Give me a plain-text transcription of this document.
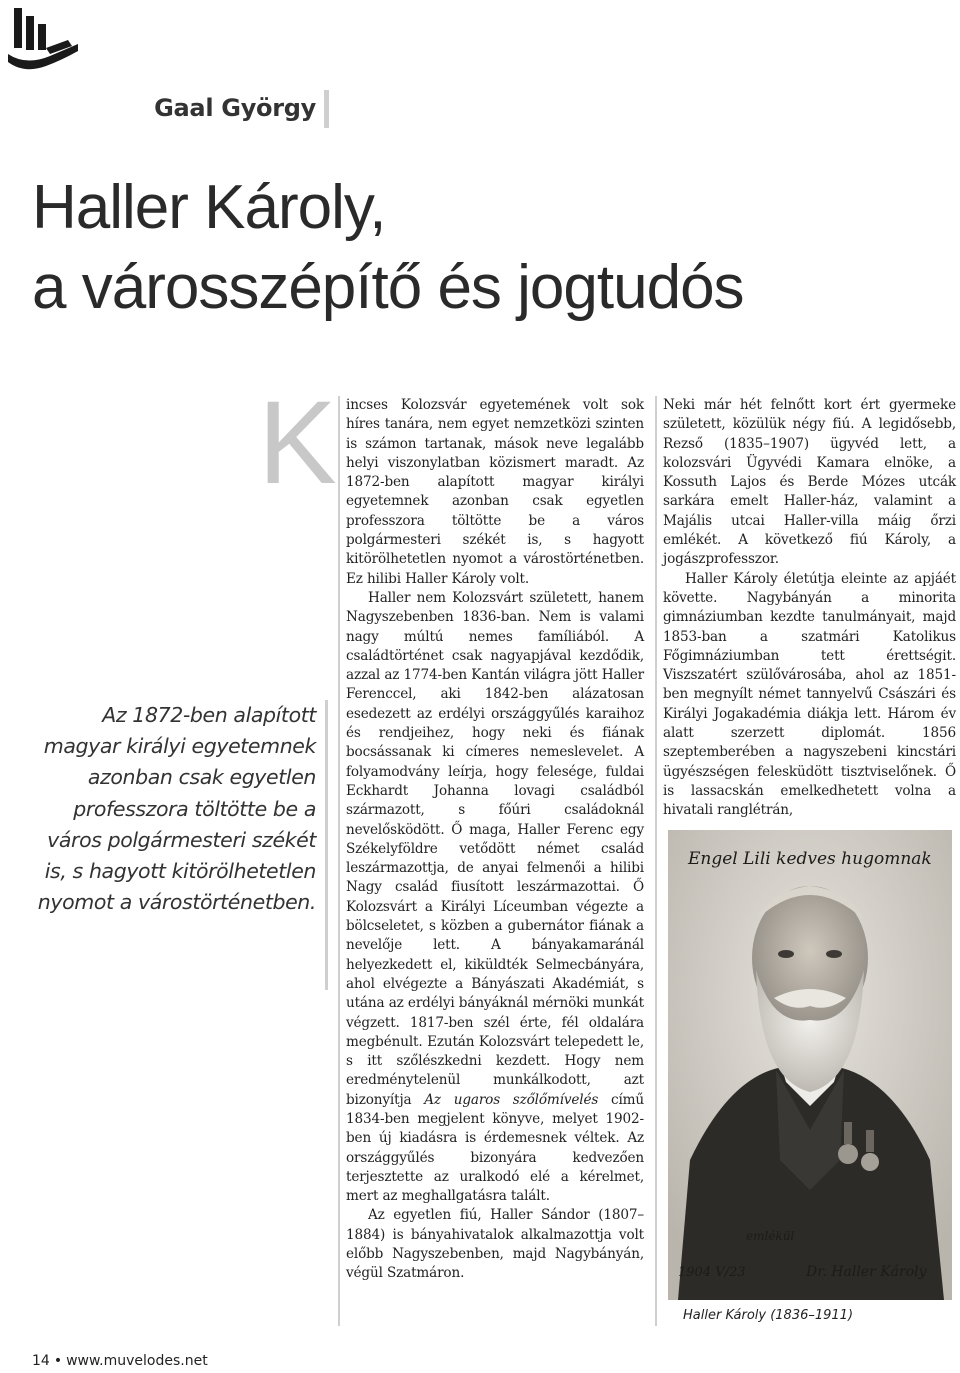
Gaal György
Haller Károly,
a városszépítő és jogtudós
K
Az 1872-ben alapított magyar királyi egyetemnek azonban csak egyetlen professzora töltötte be a város polgármesteri székét is, s hagyott kitörölhetetlen nyomot a várostörténetben.

incses Kolozsvár egyetemének volt sok híres tanára, nem egyet nemzetközi szinten is számon tartanak, mások neve legalább helyi viszonylatban közismert maradt. Az 1872-ben alapított magyar királyi egyetemnek azonban csak egyetlen professzora töltötte be a város polgármesteri székét is, s hagyott kitörölhetetlen nyomot a várostörténetben. Ez hilibi Haller Károly volt.

Haller nem Kolozsvárt született, hanem Nagyszebenben 1836-ban. Nem is valami nagy múltú nemes famíliából. A családtörténet csak nagyapjával kezdődik, azzal az 1774-ben Kantán világra jött Haller Ferenccel, aki 1842-ben alázatosan esedezett az erdélyi országgyűlés karaihoz és rendjeihez, hogy neki és fiának bocsássanak ki címeres nemeslevelet. A folyamodvány leírja, hogy felesége, fuldai Eckhardt Johanna lovagi családból származott, s főúri családoknál nevelősködött. Ő maga, Haller Ferenc egy Székelyföldre vetődött német család leszármazottja, de anyai felmenői a hilibi Nagy család fiusított leszármazottai. Ő Kolozsvárt a Királyi Líceumban végezte a bölcseletet, s közben a gubernátor fiának a nevelője lett. A bányakamaránál helyezkedett el, kiküldték Selmecbányára, ahol elvégezte a Bányászati Akadémiát, s utána az erdélyi bányáknál mérnöki munkát végzett. 1817-ben szél érte, fél oldalára megbénult. Ezután Kolozsvárt telepedett le, s itt szőlészkedni kezdett. Hogy nem eredménytelenül munkálkodott, azt bizonyítja Az ugaros szőlőmívelés című 1834-ben megjelent könyve, melyet 1902-ben új kiadásra is érdemesnek véltek. Az országgyűlés bizonyára kedvezően terjesztette az uralkodó elé a kérelmet, mert az meghallgatásra talált.

Az egyetlen fiú, Haller Sándor (1807–1884) is bányahivatalok alkalmazottja volt előbb Nagyszebenben, majd Nagybányán, végül Szatmáron.

Neki már hét felnőtt kort ért gyermeke született, közülük négy fiú. A legidősebb, Rezső (1835–1907) ügyvéd lett, a kolozsvári Ügyvédi Kamara elnöke, a Kossuth Lajos és Berde Mózes utcák sarkára emelt Haller-ház, valamint a Majális utcai Haller-villa máig őrzi emlékét. A következő fiú Károly, a jogászprofesszor.

Haller Károly életútja eleinte az apjáét követte. Nagybányán a minorita gimnáziumban kezdte tanulmányait, majd 1853-ban a szatmári Katolikus Főgimnáziumban tett érettségit. Viszszatért szülővárosába, ahol az 1851-ben megnyílt német tannyelvű Császári és Királyi Jogakadémia diákja lett. Három év alatt szerzett diplomát. 1856 szeptemberében a nagyszebeni kincstári ügyészségen felesküdött tisztviselőnek. Ő is lassacskán emelkedhetett volna a hivatali ranglétrán,

Engel Lili kedves hugomnak
emlékül
1904 V/23	Dr. Haller Károly
Haller Károly (1836–1911)
14 • www.muvelodes.net
